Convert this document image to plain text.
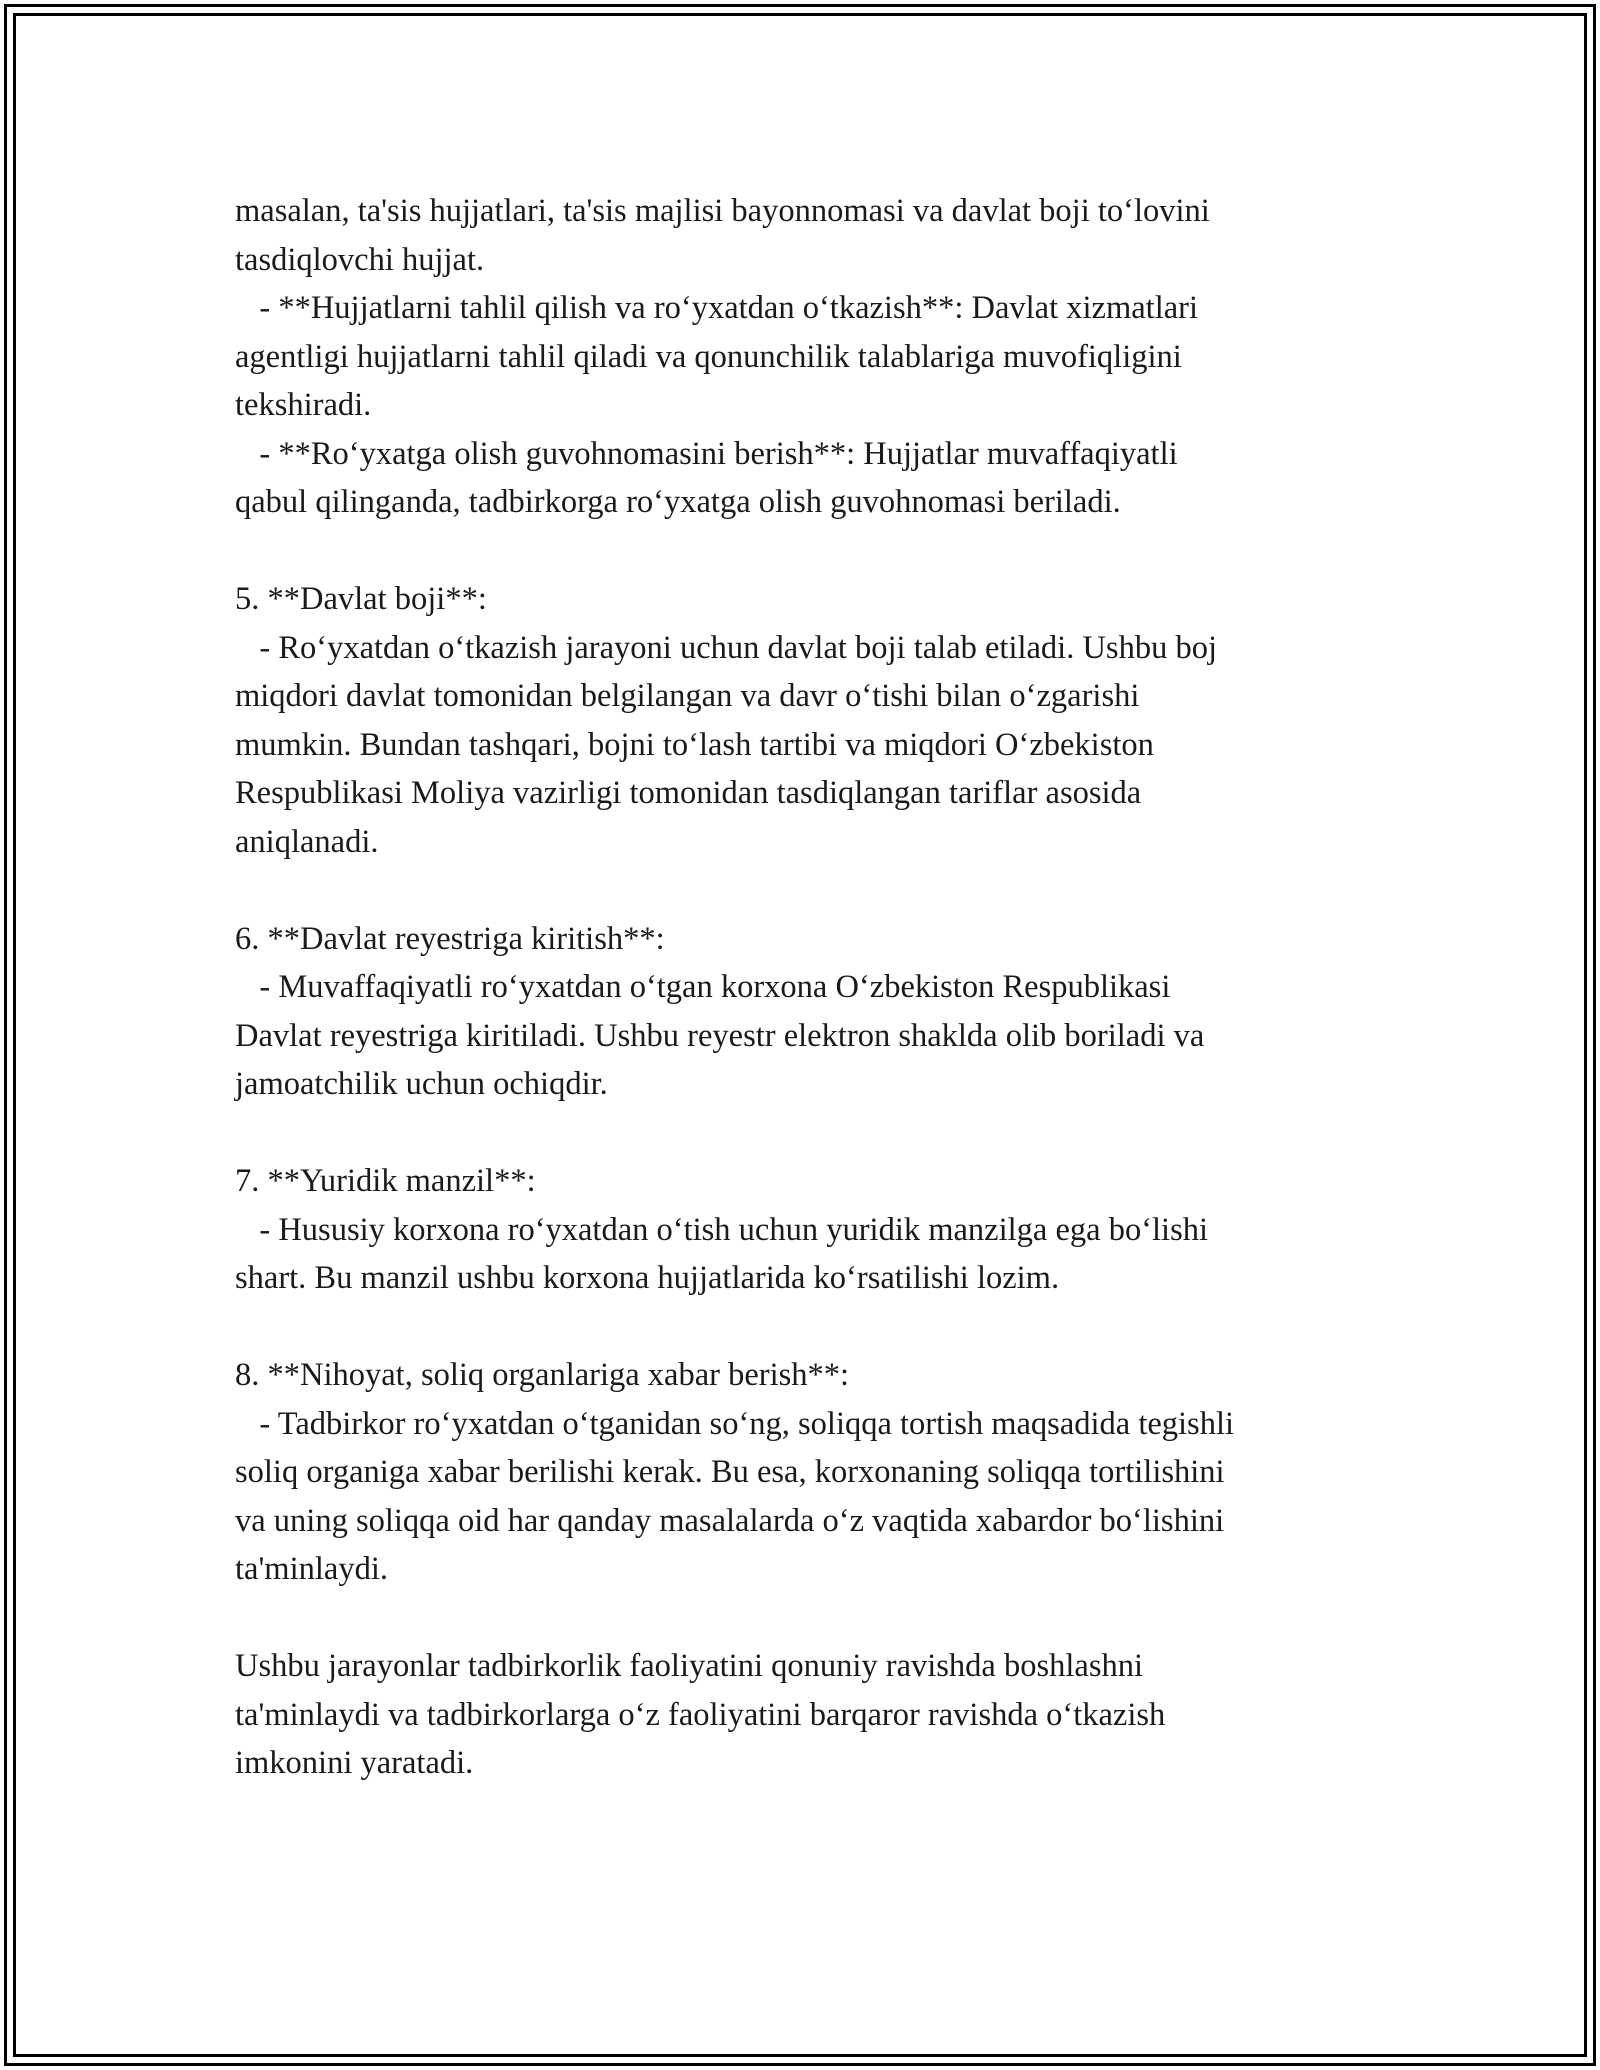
masalan, ta'sis hujjatlari, ta'sis majlisi bayonnomasi va davlat boji to‘lovini
tasdiqlovchi hujjat.
- **Hujjatlarni tahlil qilish va ro‘yxatdan o‘tkazish**: Davlat xizmatlari
agentligi hujjatlarni tahlil qiladi va qonunchilik talablariga muvofiqligini
tekshiradi.
- **Ro‘yxatga olish guvohnomasini berish**: Hujjatlar muvaffaqiyatli
qabul qilinganda, tadbirkorga ro‘yxatga olish guvohnomasi beriladi.
5. **Davlat boji**:
- Ro‘yxatdan o‘tkazish jarayoni uchun davlat boji talab etiladi. Ushbu boj
miqdori davlat tomonidan belgilangan va davr o‘tishi bilan o‘zgarishi
mumkin. Bundan tashqari, bojni to‘lash tartibi va miqdori O‘zbekiston
Respublikasi Moliya vazirligi tomonidan tasdiqlangan tariflar asosida
aniqlanadi.
6. **Davlat reyestriga kiritish**:
- Muvaffaqiyatli ro‘yxatdan o‘tgan korxona O‘zbekiston Respublikasi
Davlat reyestriga kiritiladi. Ushbu reyestr elektron shaklda olib boriladi va
jamoatchilik uchun ochiqdir.
7. **Yuridik manzil**:
- Hususiy korxona ro‘yxatdan o‘tish uchun yuridik manzilga ega bo‘lishi
shart. Bu manzil ushbu korxona hujjatlarida ko‘rsatilishi lozim.
8. **Nihoyat, soliq organlariga xabar berish**:
- Tadbirkor ro‘yxatdan o‘tganidan so‘ng, soliqqa tortish maqsadida tegishli
soliq organiga xabar berilishi kerak. Bu esa, korxonaning soliqqa tortilishini
va uning soliqqa oid har qanday masalalarda o‘z vaqtida xabardor bo‘lishini
ta'minlaydi.
Ushbu jarayonlar tadbirkorlik faoliyatini qonuniy ravishda boshlashni
ta'minlaydi va tadbirkorlarga o‘z faoliyatini barqaror ravishda o‘tkazish
imkonini yaratadi.
